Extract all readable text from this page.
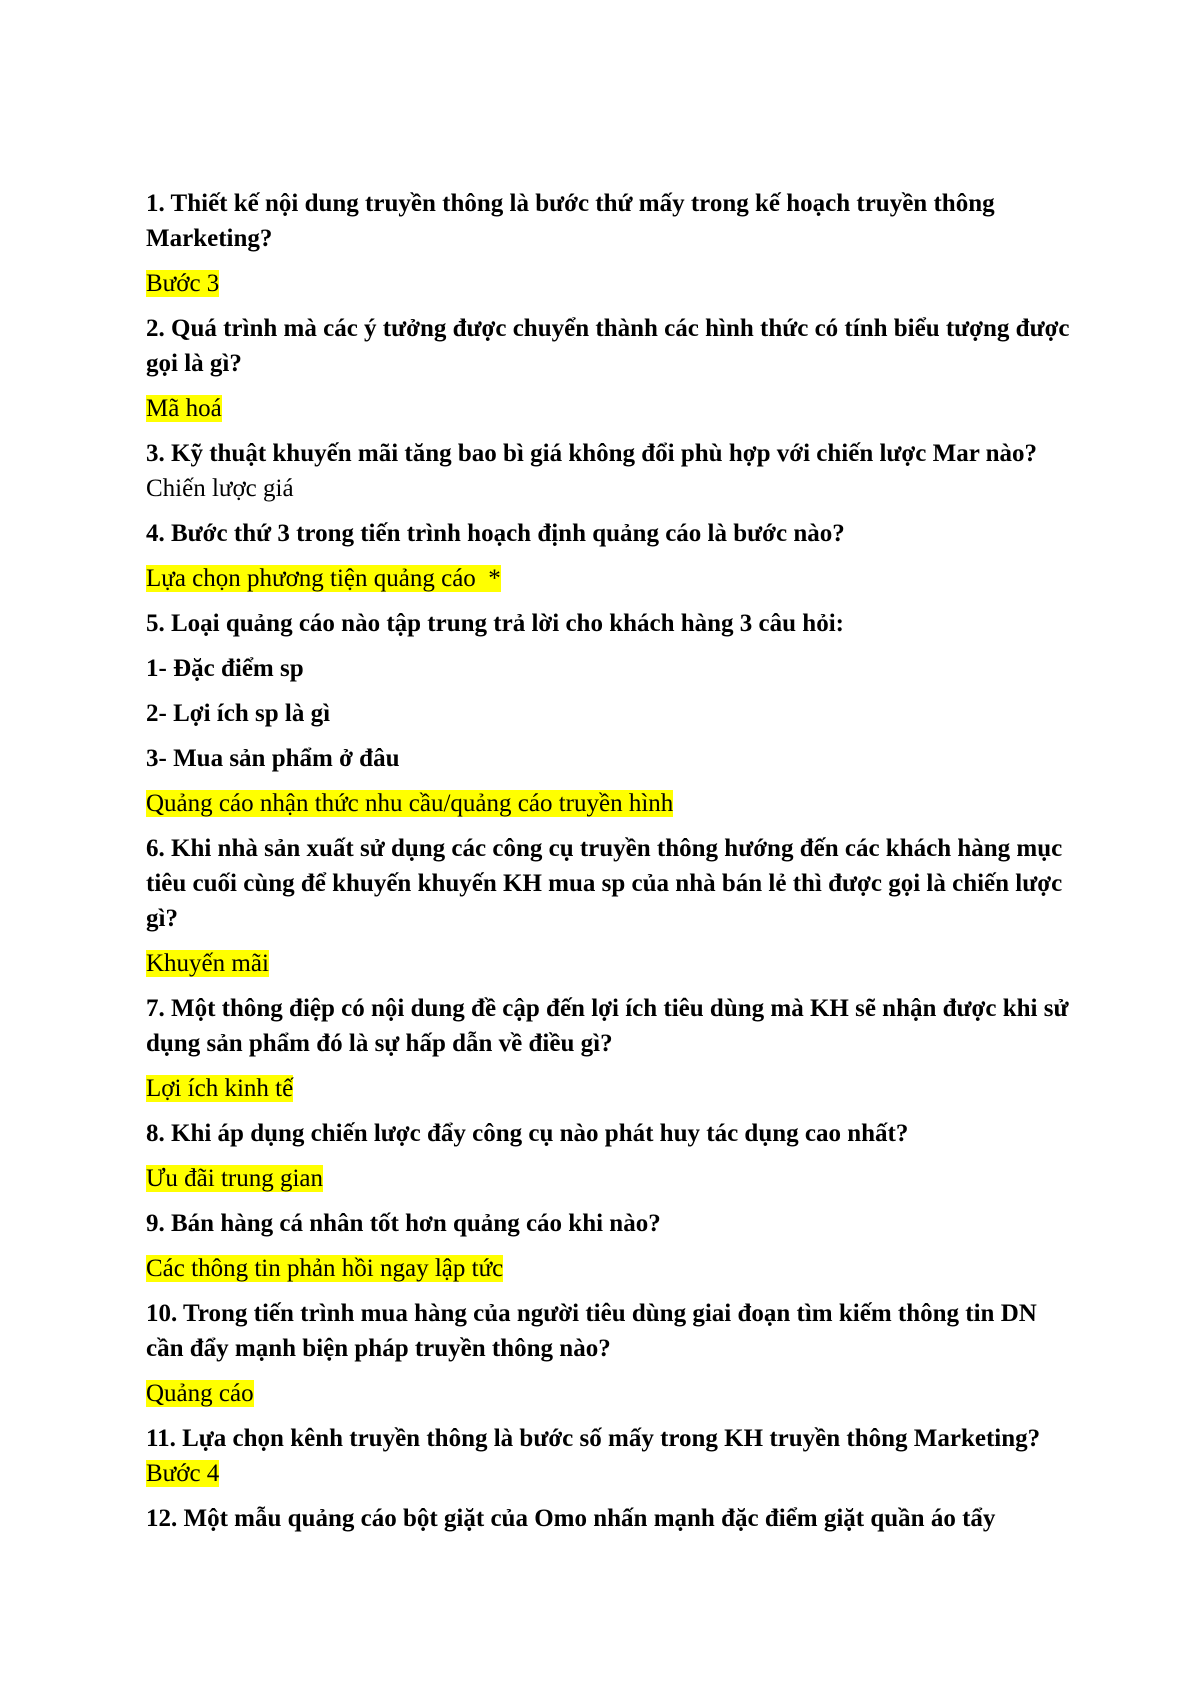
1. Thiết kế nội dung truyền thông là bước thứ mấy trong kế hoạch truyền thông Marketing?

Bước 3

2. Quá trình mà các ý tưởng được chuyển thành các hình thức có tính biểu tượng được gọi là gì?

Mã hoá

3. Kỹ thuật khuyến mãi tăng bao bì giá không đổi phù hợp với chiến lược Mar nào? Chiến lược giá

4. Bước thứ 3 trong tiến trình hoạch định quảng cáo là bước nào?

Lựa chọn phương tiện quảng cáo  *

5. Loại quảng cáo nào tập trung trả lời cho khách hàng 3 câu hỏi:

1- Đặc điểm sp

2- Lợi ích sp là gì

3- Mua sản phẩm ở đâu

Quảng cáo nhận thức nhu cầu/quảng cáo truyền hình

6. Khi nhà sản xuất sử dụng các công cụ truyền thông hướng đến các khách hàng mục tiêu cuối cùng để khuyến khuyến KH mua sp của nhà bán lẻ thì được gọi là chiến lược gì?

Khuyến mãi

7. Một thông điệp có nội dung đề cập đến lợi ích tiêu dùng mà KH sẽ nhận được khi sử dụng sản phẩm đó là sự hấp dẫn về điều gì?

Lợi ích kinh tế

8. Khi áp dụng chiến lược đẩy công cụ nào phát huy tác dụng cao nhất?

Ưu đãi trung gian

9. Bán hàng cá nhân tốt hơn quảng cáo khi nào?

Các thông tin phản hồi ngay lập tức

10. Trong tiến trình mua hàng của người tiêu dùng giai đoạn tìm kiếm thông tin DN cần đẩy mạnh biện pháp truyền thông nào?

Quảng cáo

11. Lựa chọn kênh truyền thông là bước số mấy trong KH truyền thông Marketing? Bước 4

12. Một mẫu quảng cáo bột giặt của Omo nhấn mạnh đặc điểm giặt quần áo tẩy
